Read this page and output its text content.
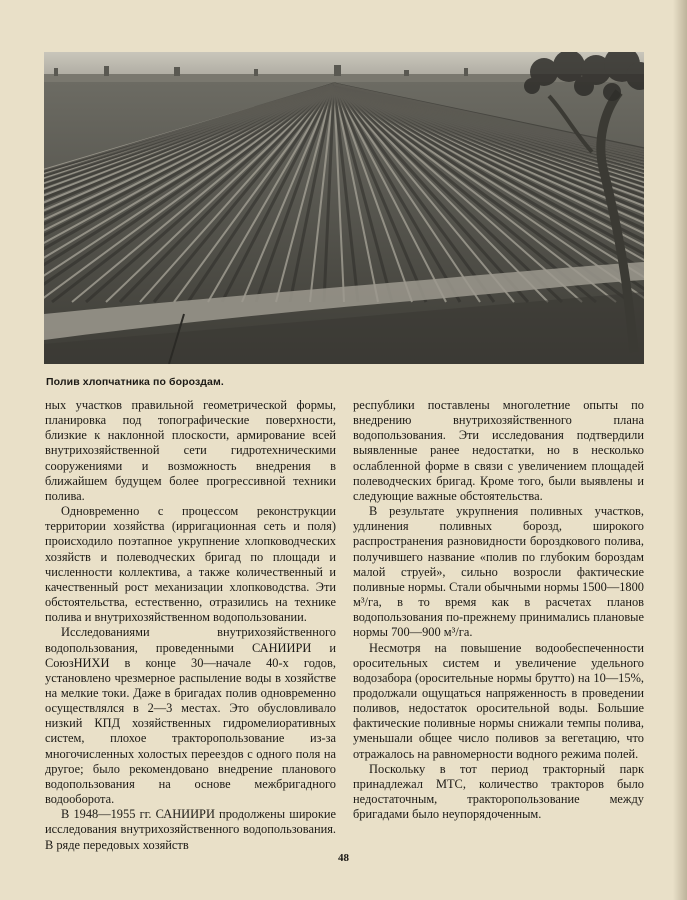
Полив хлопчатника по бороздам.

ных участков правильной геометрической формы, планировка под топографические поверхности, близкие к наклонной плоскости, армирование всей внутрихозяйственной сети гидротехническими сооружениями и возможность внедрения в ближайшем будущем более прогрессивной техники полива.

Одновременно с процессом реконструкции территории хозяйства (ирригационная сеть и поля) происходило поэтапное укрупнение хлопководческих хозяйств и полеводческих бригад по площади и численности коллектива, а также количественный и качественный рост механизации хлопководства. Эти обстоятельства, естественно, отразились на технике полива и внутрихозяйственном водопользовании.

Исследованиями внутрихозяйственного водопользования, проведенными САНИИРИ и СоюзНИХИ в конце 30—начале 40-х годов, установлено чрезмерное распыление воды в хозяйстве на мелкие токи. Даже в бригадах полив одновременно осуществлялся в 2—3 местах. Это обусловливало низкий КПД хозяйственных гидромелиоративных систем, плохое тракторопользование из-за многочисленных холостых переездов с одного поля на другое; было рекомендовано внедрение планового водопользования на основе межбригадного водооборота.

В 1948—1955 гг. САНИИРИ продолжены широкие исследования внутрихозяйственного водопользования. В ряде передовых хозяйств

республики поставлены многолетние опыты по внедрению внутрихозяйственного плана водопользования. Эти исследования подтвердили выявленные ранее недостатки, но в несколько ослабленной форме в связи с увеличением площадей полеводческих бригад. Кроме того, были выявлены и следующие важные обстоятельства.

В результате укрупнения поливных участков, удлинения поливных борозд, широкого распространения разновидности бороздкового полива, получившего название «полив по глубоким бороздам малой струей», сильно возросли фактические поливные нормы. Стали обычными нормы 1500—1800 м³/га, в то время как в расчетах планов водопользования по-прежнему принимались плановые нормы 700—900 м³/га.

Несмотря на повышение водообеспеченности оросительных систем и увеличение удельного водозабора (оросительные нормы брутто) на 10—15%, продолжали ощущаться напряженность в проведении поливов, недостаток оросительной воды. Большие фактические поливные нормы снижали темпы полива, уменьшали общее число поливов за вегетацию, что отражалось на равномерности водного режима полей.

Поскольку в тот период тракторный парк принадлежал МТС, количество тракторов было недостаточным, тракторопользование между бригадами было неупорядоченным.

48
